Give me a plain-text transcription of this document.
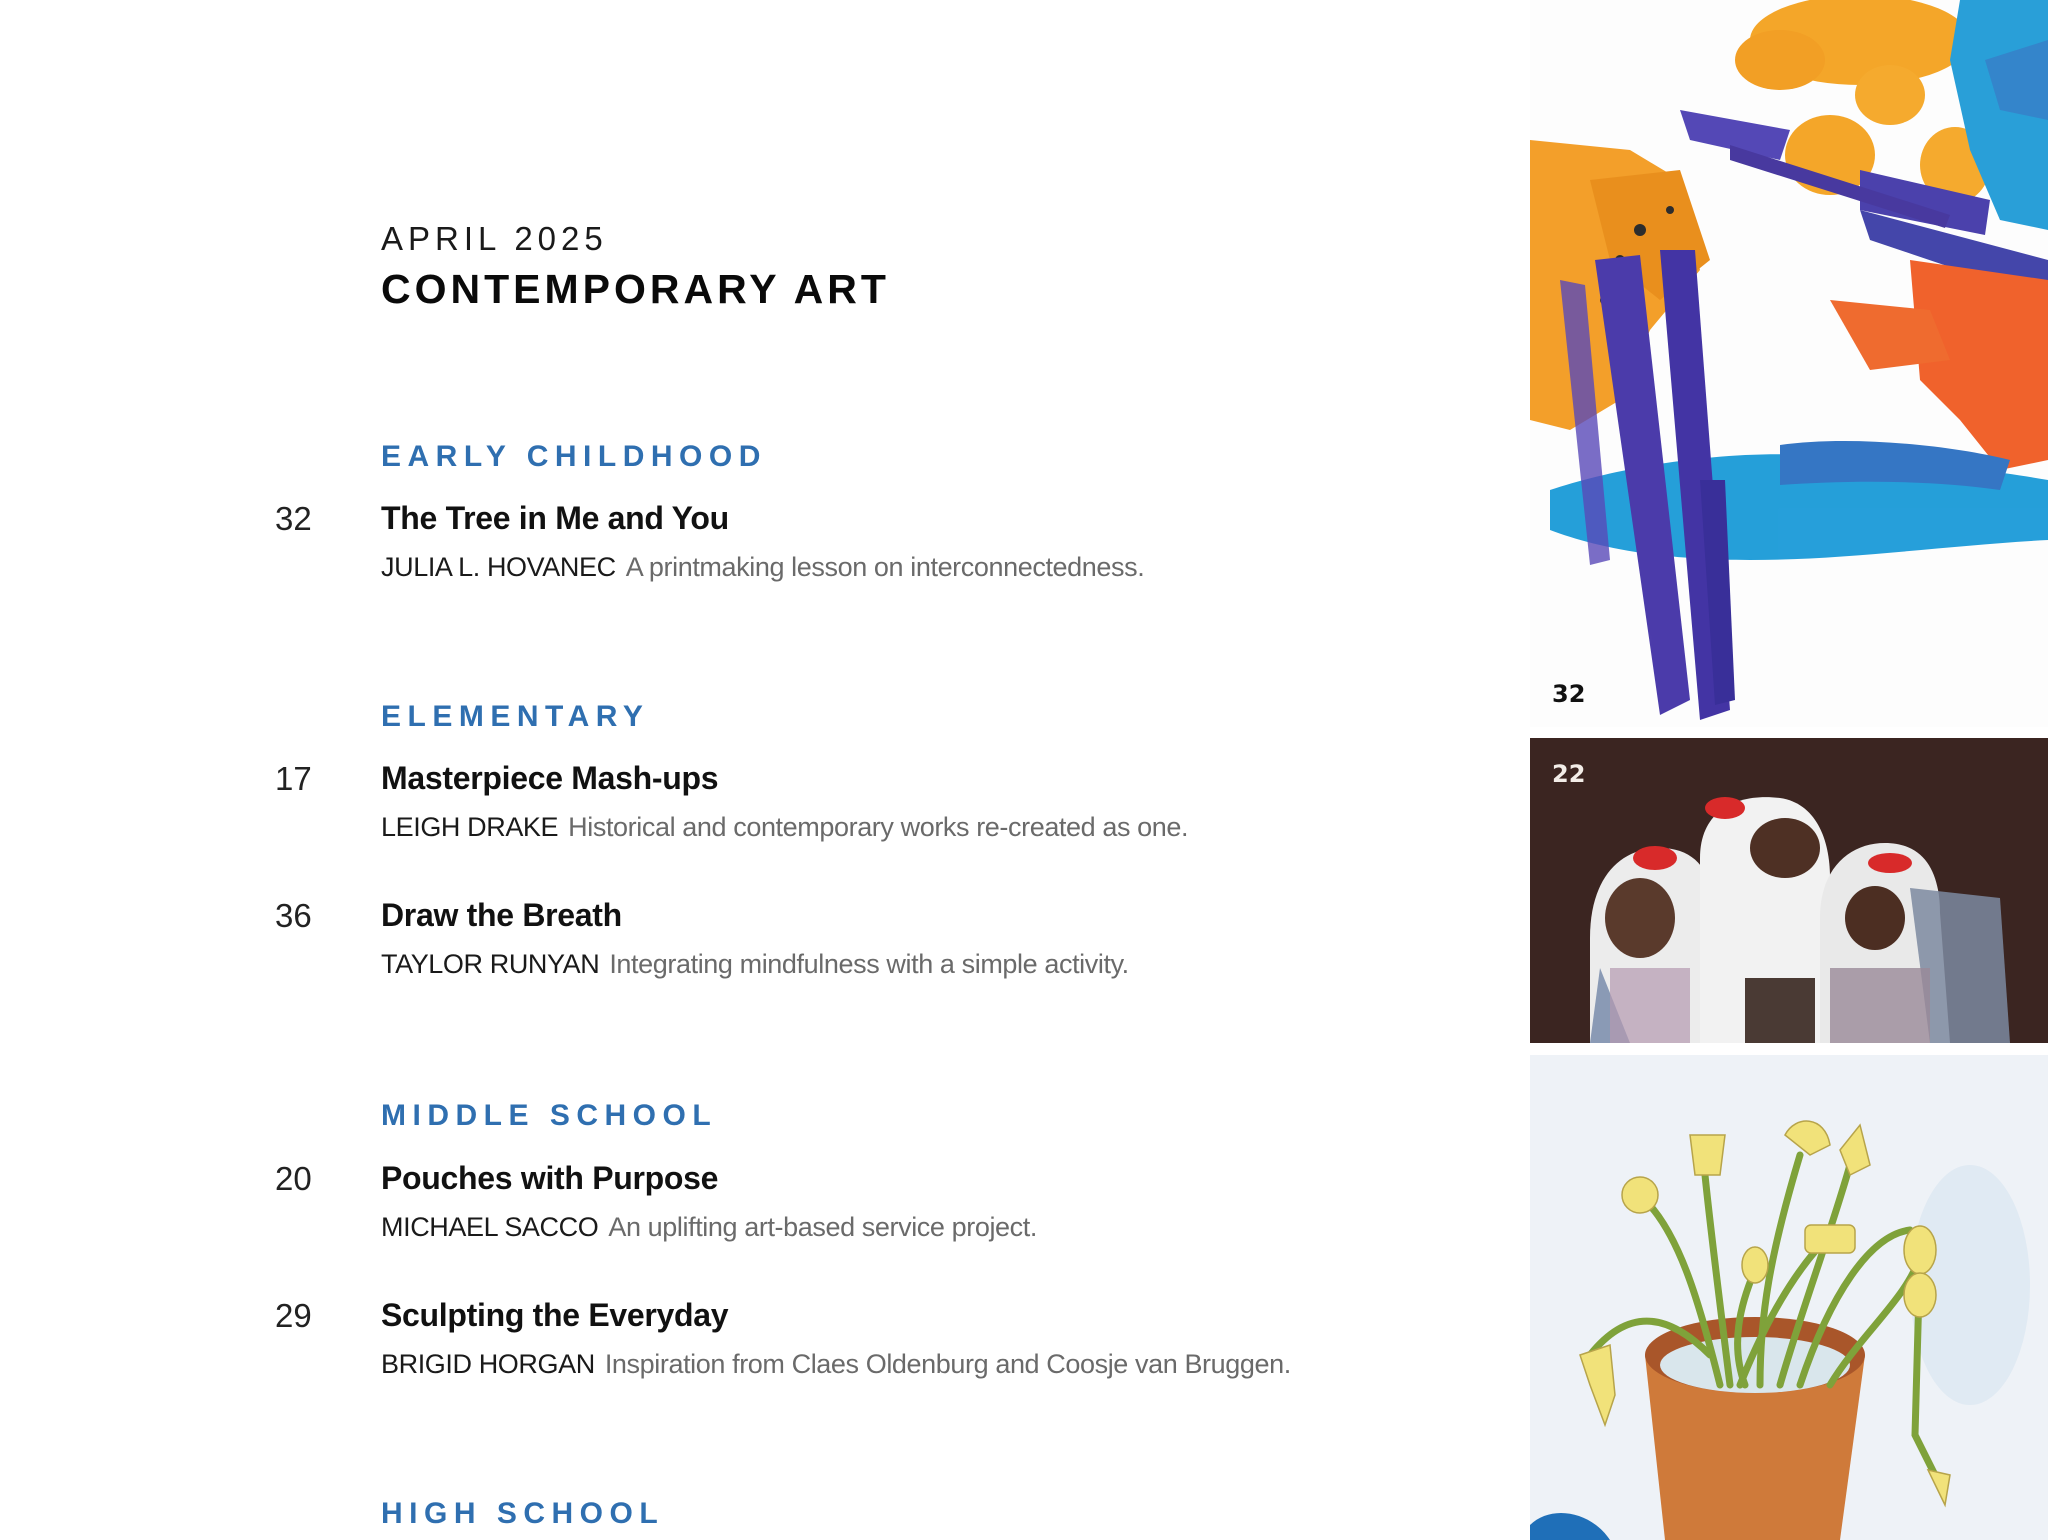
APRIL 2025
CONTEMPORARY ART
EARLY CHILDHOOD
32 The Tree in Me and You
JULIA L. HOVANEC A printmaking lesson on interconnectedness.
ELEMENTARY
17 Masterpiece Mash-ups
LEIGH DRAKE Historical and contemporary works re-created as one.
36 Draw the Breath
TAYLOR RUNYAN Integrating mindfulness with a simple activity.
MIDDLE SCHOOL
20 Pouches with Purpose
MICHAEL SACCO An uplifting art-based service project.
29 Sculpting the Everyday
BRIGID HORGAN Inspiration from Claes Oldenburg and Coosje van Bruggen.
HIGH SCHOOL
32
22
